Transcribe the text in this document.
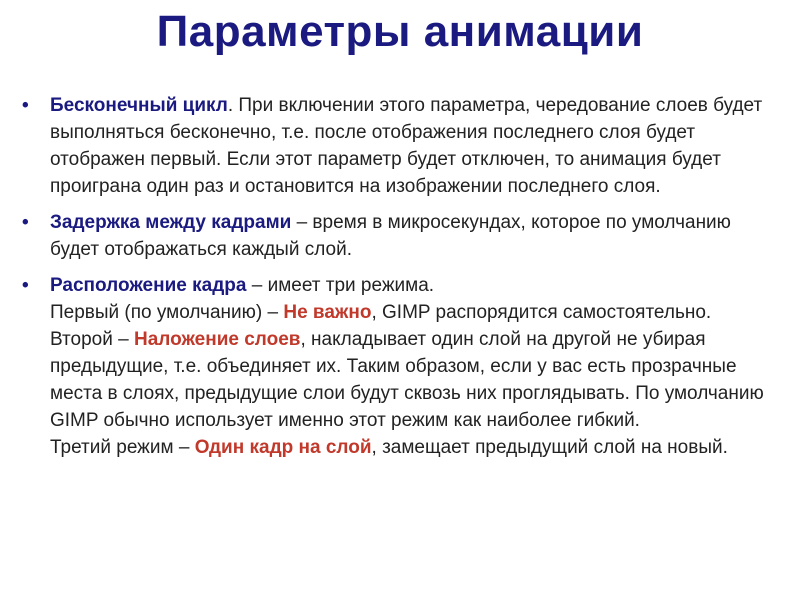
Параметры анимации
•	Бесконечный цикл. При включении этого параметра, чередование слоев будет выполняться бесконечно, т.е. после отображения последнего слоя будет отображен первый. Если этот параметр будет отключен, то анимация будет проиграна один раз и остановится на изображении последнего слоя.
•	Задержка между кадрами – время в микросекундах, которое по умолчанию будет отображаться каждый слой.
•	Расположение кадра – имеет три режима.
Первый (по умолчанию) – Не важно, GIMP распорядится самостоятельно.
Второй – Наложение слоев, накладывает один слой на другой не убирая предыдущие, т.е. объединяет их. Таким образом, если у вас есть прозрачные места в слоях, предыдущие слои будут сквозь них проглядывать. По умолчанию GIMP обычно использует именно этот режим как наиболее гибкий.
Третий режим – Один кадр на слой, замещает предыдущий слой на новый.
